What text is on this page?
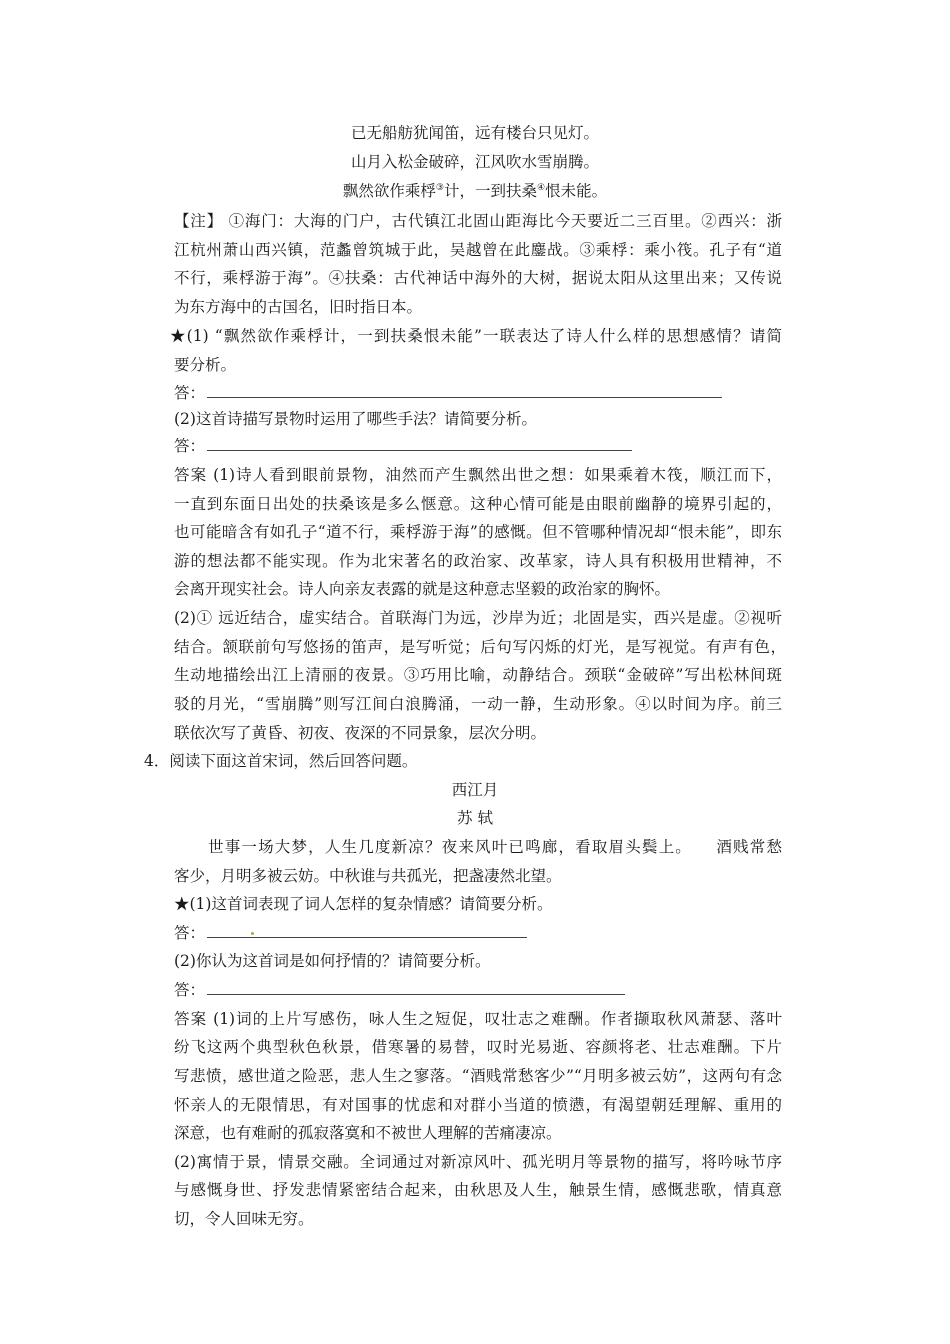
已无船舫犹闻笛，远有楼台只见灯。
山月入松金破碎，江风吹水雪崩腾。
飘然欲作乘桴③计，一到扶桑④恨未能。
【注】 ①海门：大海的门户，古代镇江北固山距海比今天要近二三百里。②西兴：浙
江杭州萧山西兴镇，范蠡曾筑城于此，吴越曾在此鏖战。③乘桴：乘小筏。孔子有“道
不行，乘桴游于海”。④扶桑：古代神话中海外的大树，据说太阳从这里出来；又传说
为东方海中的古国名，旧时指日本。
★(1) “飘然欲作乘桴计，一到扶桑恨未能”一联表达了诗人什么样的思想感情？请简
要分析。
答：
(2)这首诗描写景物时运用了哪些手法？请简要分析。
答：
答案 (1)诗人看到眼前景物，油然而产生飘然出世之想：如果乘着木筏，顺江而下，
一直到东面日出处的扶桑该是多么惬意。这种心情可能是由眼前幽静的境界引起的，
也可能暗含有如孔子“道不行，乘桴游于海”的感慨。但不管哪种情况却“恨未能”，即东
游的想法都不能实现。作为北宋著名的政治家、改革家，诗人具有积极用世精神，不
会离开现实社会。诗人向亲友表露的就是这种意志坚毅的政治家的胸怀。
(2)① 远近结合，虚实结合。首联海门为远，沙岸为近；北固是实，西兴是虚。②视听
结合。颔联前句写悠扬的笛声，是写听觉；后句写闪烁的灯光，是写视觉。有声有色，
生动地描绘出江上清丽的夜景。③巧用比喻，动静结合。颈联“金破碎”写出松林间斑
驳的月光，“雪崩腾”则写江间白浪腾涌，一动一静，生动形象。④以时间为序。前三
联依次写了黄昏、初夜、夜深的不同景象，层次分明。
4．阅读下面这首宋词，然后回答问题。
西江月
苏 轼
世事一场大梦，人生几度新凉？夜来风叶已鸣廊，看取眉头鬓上。    酒贱常愁
客少，月明多被云妨。中秋谁与共孤光，把盏凄然北望。
★(1)这首词表现了词人怎样的复杂情感？请简要分析。
答：
(2)你认为这首词是如何抒情的？请简要分析。
答：
答案 (1)词的上片写感伤，咏人生之短促，叹壮志之难酬。作者撷取秋风萧瑟、落叶
纷飞这两个典型秋色秋景，借寒暑的易替，叹时光易逝、容颜将老、壮志难酬。下片
写悲愤，感世道之险恶，悲人生之寥落。“酒贱常愁客少”“月明多被云妨”，这两句有念
怀亲人的无限情思，有对国事的忧虑和对群小当道的愤懑，有渴望朝廷理解、重用的
深意，也有难耐的孤寂落寞和不被世人理解的苦痛凄凉。
(2)寓情于景，情景交融。全词通过对新凉风叶、孤光明月等景物的描写，将吟咏节序
与感慨身世、抒发悲情紧密结合起来，由秋思及人生，触景生情，感慨悲歌，情真意
切，令人回味无穷。
